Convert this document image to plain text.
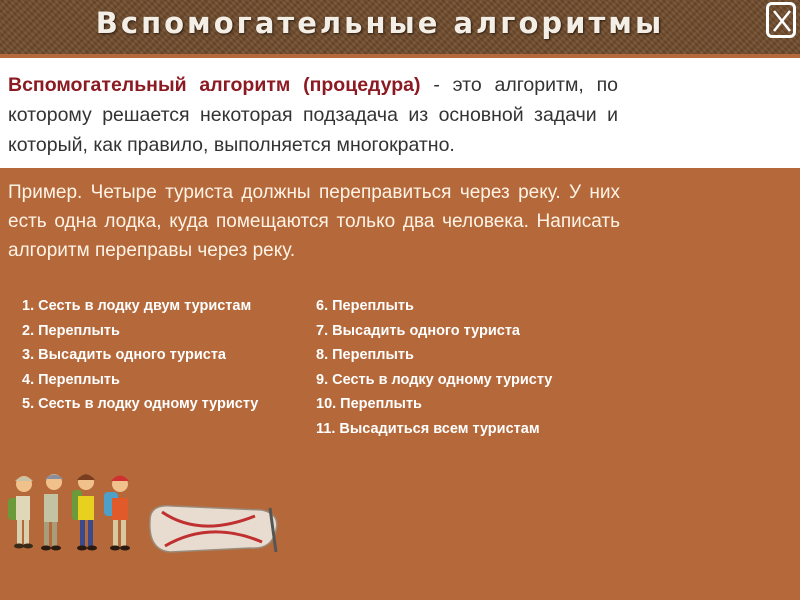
Вспомогательные алгоритмы
Вспомогательный алгоритм (процедура) - это алгоритм, по которому решается некоторая подзадача из основной задачи и который, как правило, выполняется многократно.
Пример. Четыре туриста должны переправиться через реку. У них есть одна лодка, куда помещаются только два человека. Написать алгоритм переправы через реку.
1. Сесть в лодку двум туристам
2. Переплыть
3. Высадить одного туриста
4. Переплыть
5. Сесть в лодку одному туристу
6. Переплыть
7. Высадить одного туриста
8. Переплыть
9. Сесть в лодку одному туристу
10. Переплыть
11. Высадиться всем туристам
